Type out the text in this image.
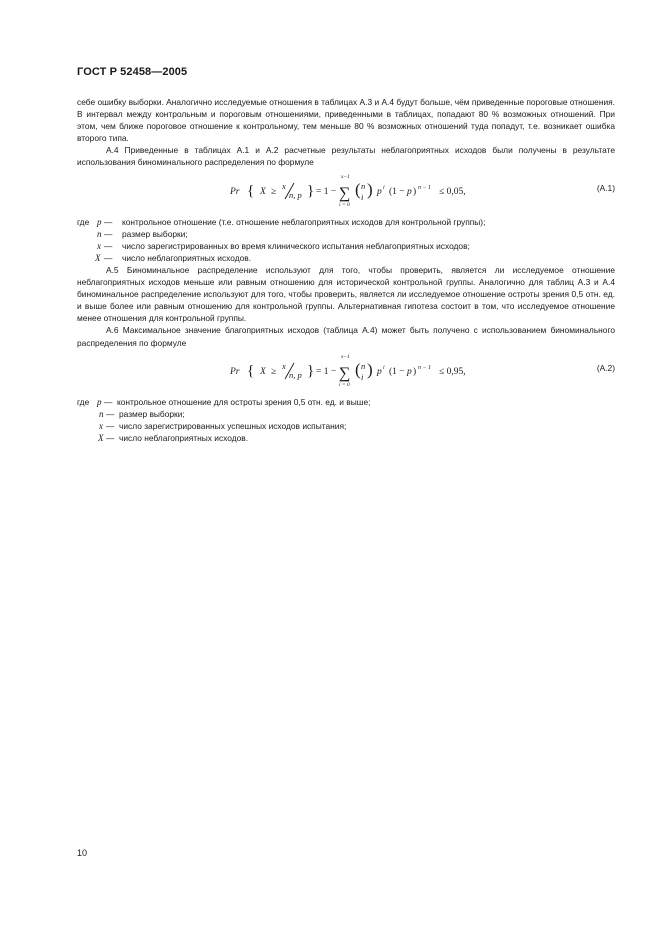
ГОСТ Р 52458—2005
себе ошибку выборки. Аналогично исследуемые отношения в таблицах А.3 и А.4 будут больше, чём приведенные пороговые отношения. В интервал между контрольным и пороговым отношениями, приведенными в таблицах, попадают 80 % возможных отношений. При этом, чем ближе пороговое отношение к контрольному, тем меньше 80 % возможных отношений туда попадут, т.е. возникает ошибка второго типа.
А.4 Приведенные в таблицах А.1 и А.2 расчетные результаты неблагоприятных исходов были получены в результате использования биноминального распределения по формуле
Pr { X ≥
x
n, p } = 1 −
x−1
∑
i = 0
( n
i ) p i (1 − p ) n − 1 ≤ 0,05,	(А.1)
где p — контрольное отношение (т.е. отношение неблагоприятных исходов для контрольной группы);
n — размер выборки;
x — число зарегистрированных во время клинического испытания неблагоприятных исходов;
X — число неблагоприятных исходов.
А.5 Биноминальное распределение используют для того, чтобы проверить, является ли исследуемое отношение неблагоприятных исходов меньше или равным отношению для исторической контрольной группы. Аналогично для таблиц А.3 и А.4 биноминальное распределение используют для того, чтобы проверить, является ли исследуемое отношение остроты зрения 0,5 отн. ед. и выше более или равным отношению для контрольной группы. Альтернативная гипотеза состоит в том, что исследуемое отношение менее отношения для контрольной группы.
А.6 Максимальное значение благоприятных исходов (таблица А.4) может быть получено с использованием биноминального распределения по формуле
Pr { X ≥
x
n, p } = 1 −
x−1
∑
i = 0
( n
i ) p i (1 − p ) n − 1 ≤ 0,95,	(А.2)
где p — контрольное отношение для остроты зрения 0,5 отн. ед. и выше;
n — размер выборки;
x — число зарегистрированных успешных исходов испытания;
X — число неблагоприятных исходов.
10
